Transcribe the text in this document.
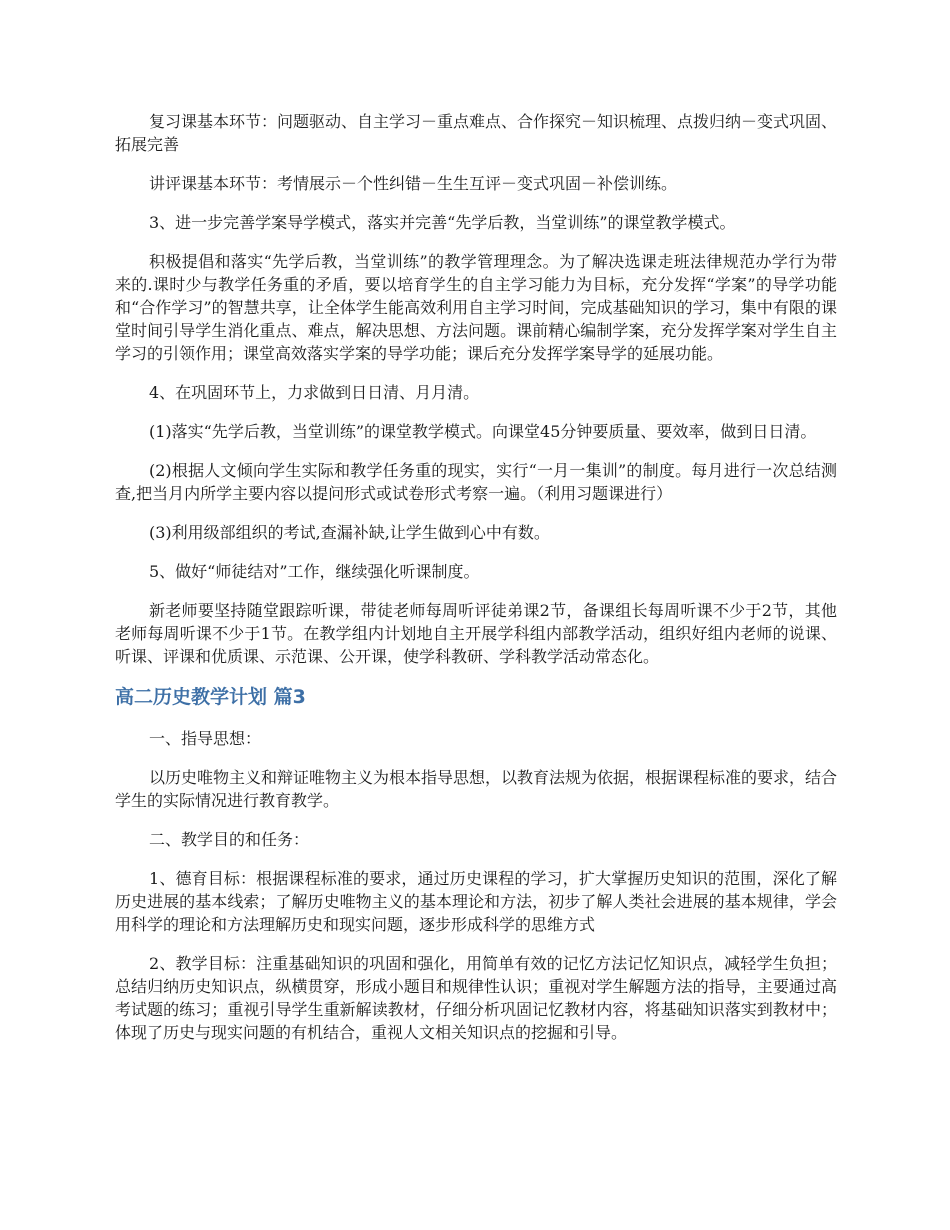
复习课基本环节：问题驱动、自主学习－重点难点、合作探究－知识梳理、点拨归纳－变式巩固、拓展完善

讲评课基本环节：考情展示－个性纠错－生生互评－变式巩固－补偿训练。

3、进一步完善学案导学模式，落实并完善“先学后教，当堂训练”的课堂教学模式。

积极提倡和落实“先学后教，当堂训练”的教学管理理念。为了解决选课走班法律规范办学行为带来的.课时少与教学任务重的矛盾，要以培育学生的自主学习能力为目标，充分发挥“学案”的导学功能和“合作学习”的智慧共享，让全体学生能高效利用自主学习时间，完成基础知识的学习，集中有限的课堂时间引导学生消化重点、难点，解决思想、方法问题。课前精心编制学案，充分发挥学案对学生自主学习的引领作用；课堂高效落实学案的导学功能；课后充分发挥学案导学的延展功能。

4、在巩固环节上，力求做到日日清、月月清。

(1)落实“先学后教，当堂训练”的课堂教学模式。向课堂45分钟要质量、要效率，做到日日清。

(2)根据人文倾向学生实际和教学任务重的现实，实行“一月一集训”的制度。每月进行一次总结测查,把当月内所学主要内容以提问形式或试卷形式考察一遍。（利用习题课进行）

(3)利用级部组织的考试,查漏补缺,让学生做到心中有数。

5、做好“师徒结对”工作，继续强化听课制度。

新老师要坚持随堂跟踪听课，带徒老师每周听评徒弟课2节，备课组长每周听课不少于2节，其他老师每周听课不少于1节。在教学组内计划地自主开展学科组内部教学活动，组织好组内老师的说课、听课、评课和优质课、示范课、公开课，使学科教研、学科教学活动常态化。

高二历史教学计划 篇3

一、指导思想：

以历史唯物主义和辩证唯物主义为根本指导思想，以教育法规为依据，根据课程标准的要求，结合学生的实际情况进行教育教学。

二、教学目的和任务：

1、德育目标：根据课程标准的要求，通过历史课程的学习，扩大掌握历史知识的范围，深化了解历史进展的基本线索；了解历史唯物主义的基本理论和方法，初步了解人类社会进展的基本规律，学会用科学的理论和方法理解历史和现实问题，逐步形成科学的思维方式

2、教学目标：注重基础知识的巩固和强化，用简单有效的记忆方法记忆知识点，减轻学生负担；总结归纳历史知识点，纵横贯穿，形成小题目和规律性认识；重视对学生解题方法的指导，主要通过高考试题的练习；重视引导学生重新解读教材，仔细分析巩固记忆教材内容，将基础知识落实到教材中；体现了历史与现实问题的有机结合，重视人文相关知识点的挖掘和引导。
